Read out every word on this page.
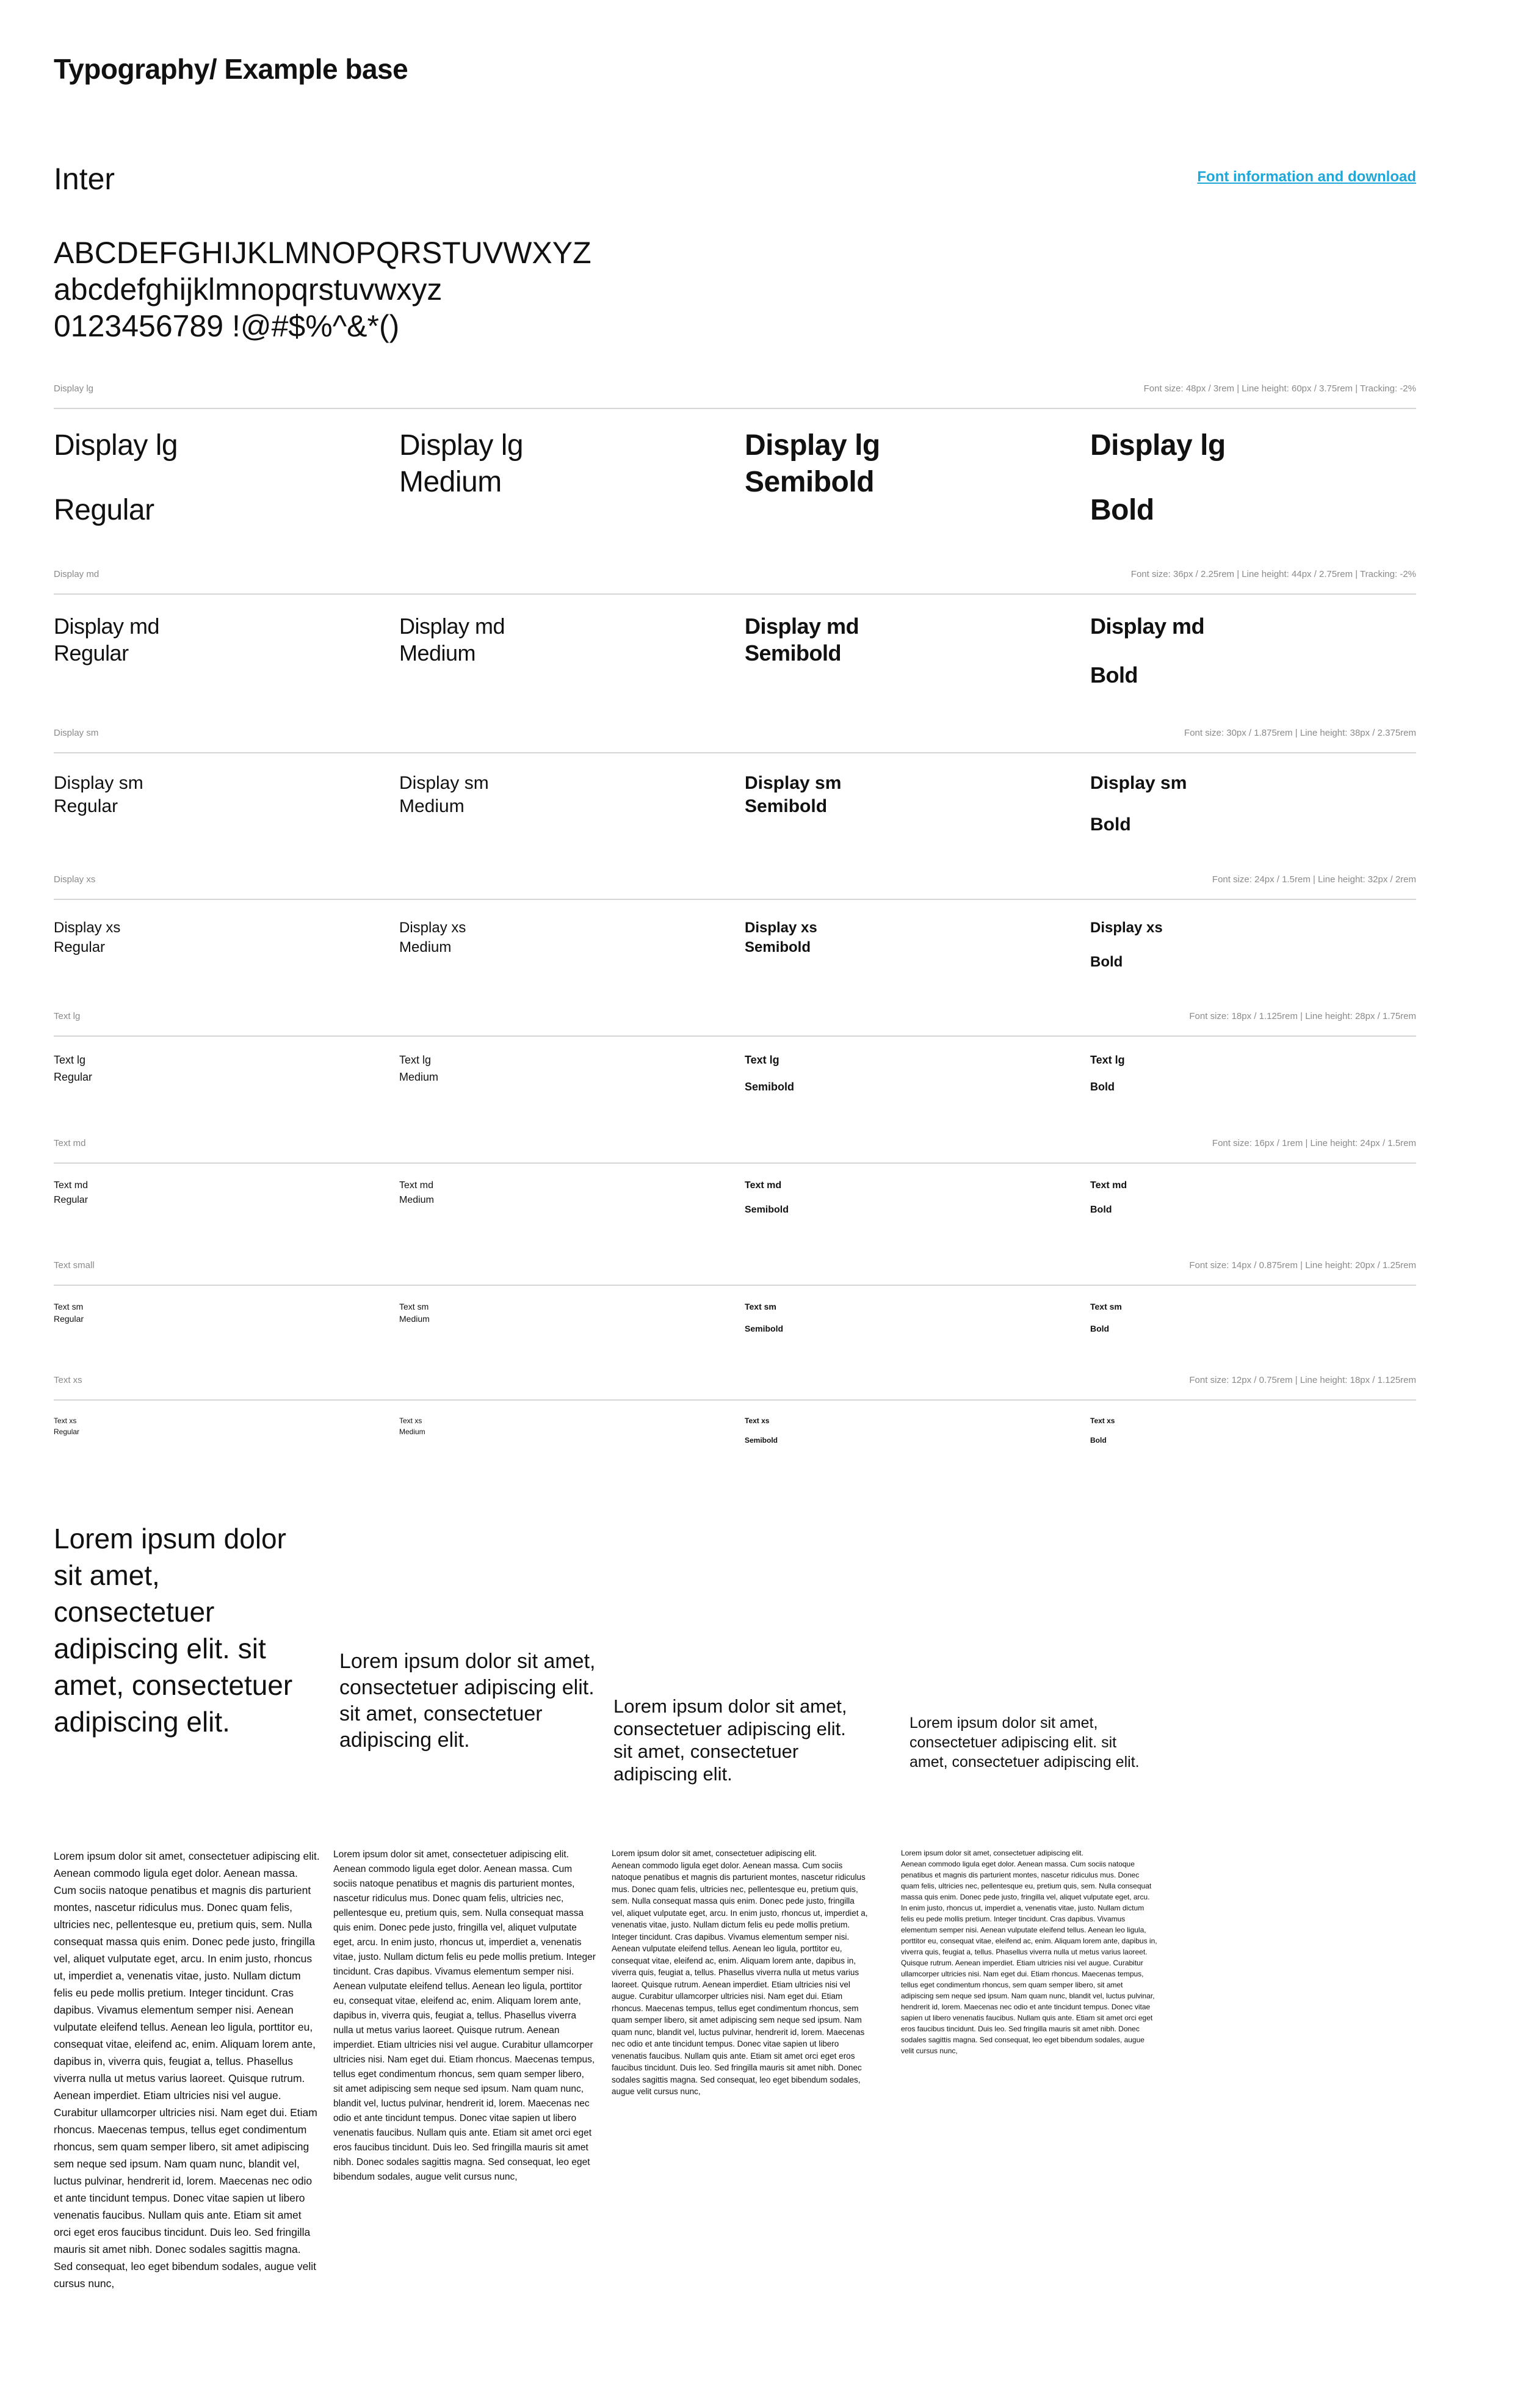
Typography/ Example base
Inter	Font information and download
ABCDEFGHIJKLMNOPQRSTUVWXYZ
abcdefghijklmnopqrstuvwxyz
0123456789 !@#$%^&*()
Display lg	Font size: 48px / 3rem | Line height: 60px / 3.75rem | Tracking: -2%
Display lg
Regular
Display lg
Medium
Display lg
Semibold
Display lg
Bold
Display md	Font size: 36px / 2.25rem | Line height: 44px / 2.75rem | Tracking: -2%
Display md
Regular
Display md
Medium
Display md
Semibold
Display md
Bold
Display sm	Font size: 30px / 1.875rem | Line height: 38px / 2.375rem
Display sm
Regular
Display sm
Medium
Display sm
Semibold
Display sm
Bold
Display xs	Font size: 24px / 1.5rem | Line height: 32px / 2rem
Display xs
Regular
Display xs
Medium
Display xs
Semibold
Display xs
Bold
Text lg	Font size: 18px / 1.125rem | Line height: 28px / 1.75rem
Text lg
Regular
Text lg
Medium
Text lg
Semibold
Text lg
Bold
Text md	Font size: 16px / 1rem | Line height: 24px / 1.5rem
Text md
Regular
Text md
Medium
Text md
Semibold
Text md
Bold
Text small	Font size: 14px / 0.875rem | Line height: 20px / 1.25rem
Text sm
Regular
Text sm
Medium
Text sm
Semibold
Text sm
Bold
Text xs	Font size: 12px / 0.75rem | Line height: 18px / 1.125rem
Text xs
Regular
Text xs
Medium
Text xs
Semibold
Text xs
Bold
Lorem ipsum dolor sit amet, consectetuer adipiscing elit. sit amet, consectetuer adipiscing elit.
Lorem ipsum dolor sit amet, consectetuer adipiscing elit. sit amet, consectetuer adipiscing elit.
Lorem ipsum dolor sit amet, consectetuer adipiscing elit. sit amet, consectetuer adipiscing elit.
Lorem ipsum dolor sit amet, consectetuer adipiscing elit. sit amet, consectetuer adipiscing elit.
Lorem ipsum dolor sit amet, consectetuer adipiscing elit.
Aenean commodo ligula eget dolor. Aenean massa. Cum sociis natoque penatibus et magnis dis parturient montes, nascetur ridiculus mus. Donec quam felis, ultricies nec, pellentesque eu, pretium quis, sem. Nulla consequat massa quis enim. Donec pede justo, fringilla vel, aliquet vulputate eget, arcu. In enim justo, rhoncus ut, imperdiet a, venenatis vitae, justo. Nullam dictum felis eu pede mollis pretium. Integer tincidunt. Cras dapibus. Vivamus elementum semper nisi. Aenean vulputate eleifend tellus. Aenean leo ligula, porttitor eu, consequat vitae, eleifend ac, enim. Aliquam lorem ante, dapibus in, viverra quis, feugiat a, tellus. Phasellus viverra nulla ut metus varius laoreet. Quisque rutrum. Aenean imperdiet. Etiam ultricies nisi vel augue. Curabitur ullamcorper ultricies nisi. Nam eget dui. Etiam rhoncus. Maecenas tempus, tellus eget condimentum rhoncus, sem quam semper libero, sit amet adipiscing sem neque sed ipsum. Nam quam nunc, blandit vel, luctus pulvinar, hendrerit id, lorem. Maecenas nec odio et ante tincidunt tempus. Donec vitae sapien ut libero venenatis faucibus. Nullam quis ante. Etiam sit amet orci eget eros faucibus tincidunt. Duis leo. Sed fringilla mauris sit amet nibh. Donec sodales sagittis magna. Sed consequat, leo eget bibendum sodales, augue velit cursus nunc,
Lorem ipsum dolor sit amet, consectetuer adipiscing elit.
Aenean commodo ligula eget dolor. Aenean massa. Cum sociis natoque penatibus et magnis dis parturient montes, nascetur ridiculus mus. Donec quam felis, ultricies nec, pellentesque eu, pretium quis, sem. Nulla consequat massa quis enim. Donec pede justo, fringilla vel, aliquet vulputate eget, arcu. In enim justo, rhoncus ut, imperdiet a, venenatis vitae, justo. Nullam dictum felis eu pede mollis pretium. Integer tincidunt. Cras dapibus. Vivamus elementum semper nisi. Aenean vulputate eleifend tellus. Aenean leo ligula, porttitor eu, consequat vitae, eleifend ac, enim. Aliquam lorem ante, dapibus in, viverra quis, feugiat a, tellus. Phasellus viverra nulla ut metus varius laoreet. Quisque rutrum. Aenean imperdiet. Etiam ultricies nisi vel augue. Curabitur ullamcorper ultricies nisi. Nam eget dui. Etiam rhoncus. Maecenas tempus, tellus eget condimentum rhoncus, sem quam semper libero, sit amet adipiscing sem neque sed ipsum. Nam quam nunc, blandit vel, luctus pulvinar, hendrerit id, lorem. Maecenas nec odio et ante tincidunt tempus. Donec vitae sapien ut libero venenatis faucibus. Nullam quis ante. Etiam sit amet orci eget eros faucibus tincidunt. Duis leo. Sed fringilla mauris sit amet nibh. Donec sodales sagittis magna. Sed consequat, leo eget bibendum sodales, augue velit cursus nunc,
Lorem ipsum dolor sit amet, consectetuer adipiscing elit.
Aenean commodo ligula eget dolor. Aenean massa. Cum sociis natoque penatibus et magnis dis parturient montes, nascetur ridiculus mus. Donec quam felis, ultricies nec, pellentesque eu, pretium quis, sem. Nulla consequat massa quis enim. Donec pede justo, fringilla vel, aliquet vulputate eget, arcu. In enim justo, rhoncus ut, imperdiet a, venenatis vitae, justo. Nullam dictum felis eu pede mollis pretium. Integer tincidunt. Cras dapibus. Vivamus elementum semper nisi. Aenean vulputate eleifend tellus. Aenean leo ligula, porttitor eu, consequat vitae, eleifend ac, enim. Aliquam lorem ante, dapibus in, viverra quis, feugiat a, tellus. Phasellus viverra nulla ut metus varius laoreet. Quisque rutrum. Aenean imperdiet. Etiam ultricies nisi vel augue. Curabitur ullamcorper ultricies nisi. Nam eget dui. Etiam rhoncus. Maecenas tempus, tellus eget condimentum rhoncus, sem quam semper libero, sit amet adipiscing sem neque sed ipsum. Nam quam nunc, blandit vel, luctus pulvinar, hendrerit id, lorem. Maecenas nec odio et ante tincidunt tempus. Donec vitae sapien ut libero venenatis faucibus. Nullam quis ante. Etiam sit amet orci eget eros faucibus tincidunt. Duis leo. Sed fringilla mauris sit amet nibh. Donec sodales sagittis magna. Sed consequat, leo eget bibendum sodales, augue velit cursus nunc,
Lorem ipsum dolor sit amet, consectetuer adipiscing elit.
Aenean commodo ligula eget dolor. Aenean massa. Cum sociis natoque penatibus et magnis dis parturient montes, nascetur ridiculus mus. Donec quam felis, ultricies nec, pellentesque eu, pretium quis, sem. Nulla consequat massa quis enim. Donec pede justo, fringilla vel, aliquet vulputate eget, arcu. In enim justo, rhoncus ut, imperdiet a, venenatis vitae, justo. Nullam dictum felis eu pede mollis pretium. Integer tincidunt. Cras dapibus. Vivamus elementum semper nisi. Aenean vulputate eleifend tellus. Aenean leo ligula, porttitor eu, consequat vitae, eleifend ac, enim. Aliquam lorem ante, dapibus in, viverra quis, feugiat a, tellus. Phasellus viverra nulla ut metus varius laoreet. Quisque rutrum. Aenean imperdiet. Etiam ultricies nisi vel augue. Curabitur ullamcorper ultricies nisi. Nam eget dui. Etiam rhoncus. Maecenas tempus, tellus eget condimentum rhoncus, sem quam semper libero, sit amet adipiscing sem neque sed ipsum. Nam quam nunc, blandit vel, luctus pulvinar, hendrerit id, lorem. Maecenas nec odio et ante tincidunt tempus. Donec vitae sapien ut libero venenatis faucibus. Nullam quis ante. Etiam sit amet orci eget eros faucibus tincidunt. Duis leo. Sed fringilla mauris sit amet nibh. Donec sodales sagittis magna. Sed consequat, leo eget bibendum sodales, augue velit cursus nunc,
